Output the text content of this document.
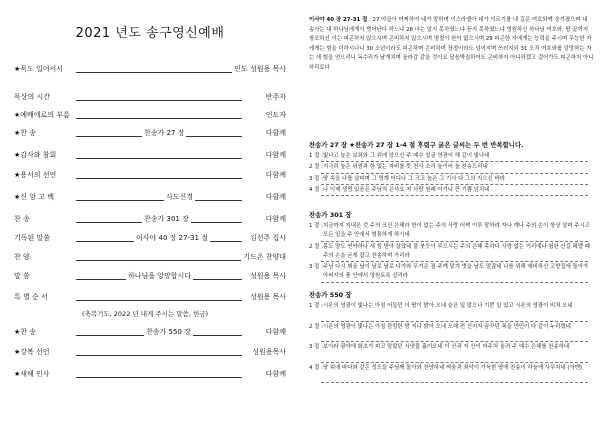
2021 년도 송구영신예배
★묵도 일어서서	인도 성원용 목사
묵상의 시간	반주자
★예배에로의 부름	인도자
★찬 송	찬송가 27 장	다함께
★감사와 참회	다함께
★용서의 선언	다함께
★신 앙 고 백	사도신경	다함께
찬 송	찬송가 301 장	다함께
기독된 말씀	이사야 40 장 27-31 절	김선주 집사
찬 양	기드온 찬양대
말 씀	하나님을 앙망합시다	성원용 목사
특 별 순 서	성원용 목사
★찬 송	찬송가 550 장	다함께
★강복 선언	성원용목사
★새해 인사	다함께
(축복기도, 2022 년 내게 주시는 말씀, 헌금)
이사야 40 장 27-31 절 : 27 야곱아 어찌하여 네가 말하며 이스라엘아 네가 이르기를 내 길은 여호와께 숨겨졌으며 내 송사는 내 하나님에게서 벗어난다 하느냐 28 너는 알지 못하였느냐 듣지 못하였느냐 영원하신 하나님 여호와, 땅 끝까지 창조하신 이는 피곤하지 않으시며 곤비하지 않으시며 명철이 한이 없으시며 29 피곤한 자에게는 능력을 주시며 무능한 자에게는 힘을 더하시나니 30 소년이라도 피곤하며 곤비하며 장정이라도 넘어지며 쓰러지되 31 오직 여호와를 앙망하는 자는 새 힘을 얻으리니 독수리가 날개치며 올라감 같을 것이요 달음박질하여도 곤비하지 아니하겠고 걸어가도 피곤하지 아니하리로다
찬송가 27 장 ★찬송가 27 장 1-4 절 후렴구 굵은 글씨는 두 번 반복합니다.
1 절 : 빛나고 높은 보좌와 그 위에 앉으신 주 예수 얼굴 영광이 해 같이 빛나네
2 절 : 지극히 높은 위엄과 한 없는 자비를 뭇 천사 소리 높이어 늘 찬송드리네
3 절 : 땅 속을 나를 살피며 그 영계 어디나 그 크고 높은 그 기사 다 그의 지으신 바라
4 절 : 나 이제 생명 있음은 주님의 은사요 저 사랑 원래 이기니 큰 기쁨 넘치네 .
찬송가 301 장
1 절 : 지금까지 지내온 것 주의 크신 은혜라 한이 없는 주의 사랑 어찌 이루 말하랴 자나 깨나 주의 손이 항상 살펴 주시고 모든 일을 주 안에서 형통하게 하시네
2 절 : 몸도 맘도 연약하나 새 힘 받아 살았네 물 붓듯이 부으시는 주의 은혜 족하다 사랑 없는 거리에나 험한 산길 헤맬 때 주의 손을 굳게 잡고 찬송하며 가리라
3 절 : 주님 다시 뵈올 날이 날로 날로 다가와 무거운 짐 주께 맡겨 벗을 날도 멀잖네 나를 위해 예비하신 고향집에 돌아가 아버지의 품 안에서 영원토록 살리라
찬송가 550 장
1 절 : 시온의 영광이 빛나는 아침 어둡던 이 땅이 밝아 오네 슬픈 일 많으나 기쁜 일 있고 시온의 영광이 비쳐 오네
2 절 : 시온의 영광이 빛나는 아침 캄캄한 밤 지나 밝아 오네 오래 전 선지자 꿈꾸던 복을 만민이 다 같이 누리겠네
3 절 : 보아라 광야에 화초가 피고 말랐던 시냇물 흘러오네 이 산과 저 산이 마주쳐 울려 주 예수 은혜를 찬송하네
4 절 : 땅 위에 바다와 같은 성도들 주님께 돌아와 찬양하네 싸움과 죄악이 가득한 땅에 찬송이 하늘에 사무치네 (아멘)
